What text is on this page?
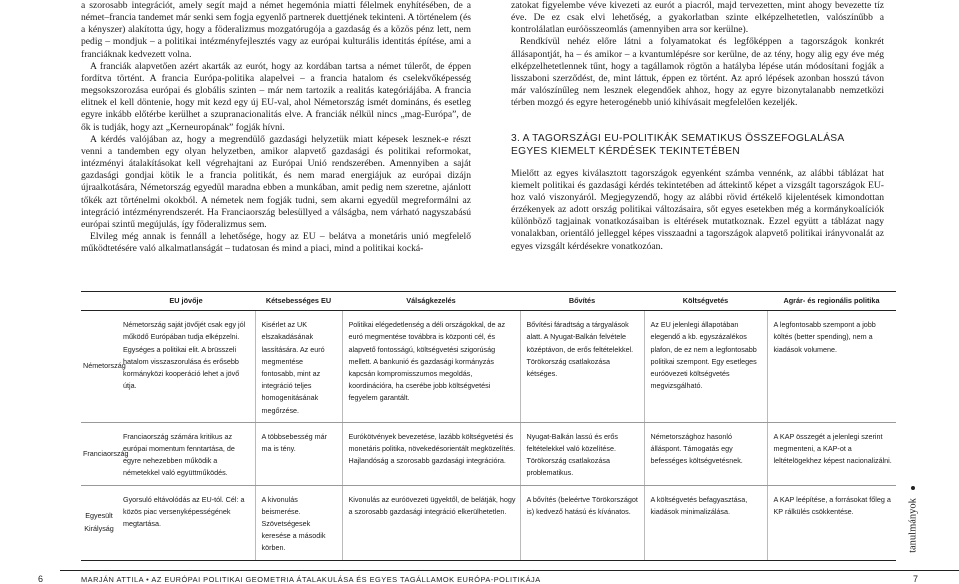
a szorosabb integrációt, amely segít majd a német hegemónia miatti félelmek enyhítésében, de a német–francia tandemet már senki sem fogja egyenlő partnerek duettjének tekinteni. A történelem (és a kényszer) alakította úgy, hogy a föderalizmus mozgatórugója a gazdaság és a közös pénz lett, nem pedig – mondjuk – a politikai intézményfejlesztés vagy az európai kulturális identitás építése, ami a franciáknak kedvezett volna.

A franciák alapvetően azért akarták az eurót, hogy az kordában tartsa a német túlerőt, de éppen fordítva történt. A francia Európa-politika alapelvei – a francia hatalom és cselekvőképesség megsokszorozása európai és globális szinten – már nem tartozik a realitás kategóriájába. A francia elitnek el kell döntenie, hogy mit kezd egy új EU-val, ahol Németország ismét domináns, és esetleg egyre inkább előtérbe kerülhet a szupranacionalitás elve. A franciák nélkül nincs „mag-Európa”, de ők is tudják, hogy azt „Kerneuropának” fogják hívni.

A kérdés valójában az, hogy a megrendülő gazdasági helyzetük miatt képesek lesznek-e részt venni a tandemben egy olyan helyzetben, amikor alapvető gazdasági és politikai reformokat, intézményi átalakításokat kell végrehajtani az Európai Unió rendszerében. Amennyiben a saját gazdasági gondjai kötik le a francia politikát, és nem marad energiájuk az európai dizájn újraalkotására, Németország egyedül maradna ebben a munkában, amit pedig nem szeretne, ajánlott tőkék azt történelmi okokból. A németek nem fogják tudni, sem akarni egyedül megreformálni az integráció intézményrendszerét. Ha Franciaország belesüllyed a válságba, nem várható nagyszabású európai szintű megújulás, így föderalizmus sem.

Elvileg még annak is fennáll a lehetősége, hogy az EU – belátva a monetáris unió megfelelő működtetésére való alkalmatlanságát – tudatosan és mind a piaci, mind a politikai kocká-

zatokat figyelembe véve kivezeti az eurót a piacról, majd tervezetten, mint ahogy bevezette tíz éve. De ez csak elvi lehetőség, a gyakorlatban szinte elképzelhetetlen, valószínűbb a kontrolálatlan euróösszeomlás (amennyiben arra sor kerülne).

Rendkívül nehéz előre látni a folyamatokat és legfőképpen a tagországok konkrét állásapontját, ha – és amikor – a kvantumlépésre sor kerülne, de az tény, hogy alig egy éve még elképzelhetetlennek tűnt, hogy a tagállamok rögtön a hatályba lépése után módosítani fogják a lisszaboni szerződést, de, mint láttuk, éppen ez történt. Az apró lépések azonban hosszú távon már valószínűleg nem lesznek elegendőek ahhoz, hogy az egyre bizonytalanabb nemzetközi térben mozgó és egyre heterogénebb unió kihívásait megfelelően kezeljék.

3. A TAGORSZÁGI EU-POLITIKÁK SEMATIKUS ÖSSZEFOGLALÁSA
EGYES KIEMELT KÉRDÉSEK TEKINTETÉBEN

Mielőtt az egyes kiválasztott tagországok egyenként számba vennénk, az alábbi táblázat hat kiemelt politikai és gazdasági kérdés tekintetében ad áttekintő képet a vizsgált tagországok EU-hoz való viszonyáról. Megjegyzendő, hogy az alábbi rövid értékelő kijelentések kimondottan érzékenyek az adott ország politikai változásaira, sőt egyes esetekben még a kormánykoalíciók különböző tagjainak vonatkozásaiban is eltérések mutatkoznak. Ezzel együtt a táblázat nagy vonalakban, orientáló jelleggel képes visszaadni a tagországok alapvető politikai irányvonalát az egyes vizsgált kérdésekre vonatkozóan.

	EU jövője	Kétsebességes EU	Válságkezelés	Bővítés	Költségvetés	Agrár- és regionális politika
Németország	Németország saját jövőjét csak egy jól működő Európában tudja elképzelni. Egységes a politikai elit. A brüsszeli hatalom visszaszorulása és erősebb kormányközi kooperáció lehet a jövő útja.	Kisérlet az UK elszakadásának lassítására. Az euró megmentése fontosabb, mint az integráció teljes homogenitásának megőrzése.	Politikai elégedetlenség a déli országokkal, de az euró megmentése továbbra is központi cél, és alapvető fontosságú, költségvetési szigorúság mellett. A bankunió és gazdasági kormányzás kapcsán kompromisszumos megoldás, koordinációra, ha cserébe jobb költségvetési fegyelem garantált.	Bővítési fáradtság a tárgyalások alatt. A Nyugat-Balkán felvétele középtávon, de erős feltételekkel. Törökország csatlakozása kétséges.	Az EU jelenlegi állapotában elegendő a kb. egyszázalékos plafon, de ez nem a legfontosabb politikai szempont. Egy esetleges euróövezeti költségvetés megvizsgálható.	A legfontosabb szempont a jobb költés (better spending), nem a kiadások volumene.
Franciaország	Franciaország számára kritikus az európai momentum fenntartása, de egyre nehezebben működik a németekkel való együttműködés.	A többsebesség már ma is tény.	Eurókötvények bevezetése, lazább költségvetési és monetáris politika, növekedésorientált megközelítés. Hajlandóság a szorosabb gazdasági integrációra.	Nyugat-Balkán lassú és erős feltételekkel való közelítése. Törökország csatlakozása problematikus.	Németországhoz hasonló álláspont. Támogatás egy befességes költségvetésnek.	A KAP összegét a jelenlegi szerint megmenteni, a KAP-ot a leltételögekhez képest nacionalizálni.
Egyesült Királyság	Gyorsuló eltávolódás az EU-tól. Cél: a közös piac versenyképességének megtartása.	A kivonulás beismerése. Szövetségesek keresése a második körben.	Kivonulás az euróövezeti ügyektől, de belátják, hogy a szorosabb gazdasági integráció elkerülhetetlen.	A bővítés (beleértve Törökországot is) kedvező hatású és kívánatos.	A költségvetés befagyasztása, kiadások minimalizálása.	A KAP leépítése, a forrásokat főleg a KP rálkülés csökkentése.	tanulmányok
6	MARJÁN ATTILA • AZ EURÓPAI POLITIKAI GEOMETRIA ÁTALAKULÁSA ÉS EGYES TAGÁLLAMOK EURÓPA-POLITIKÁJA	7
